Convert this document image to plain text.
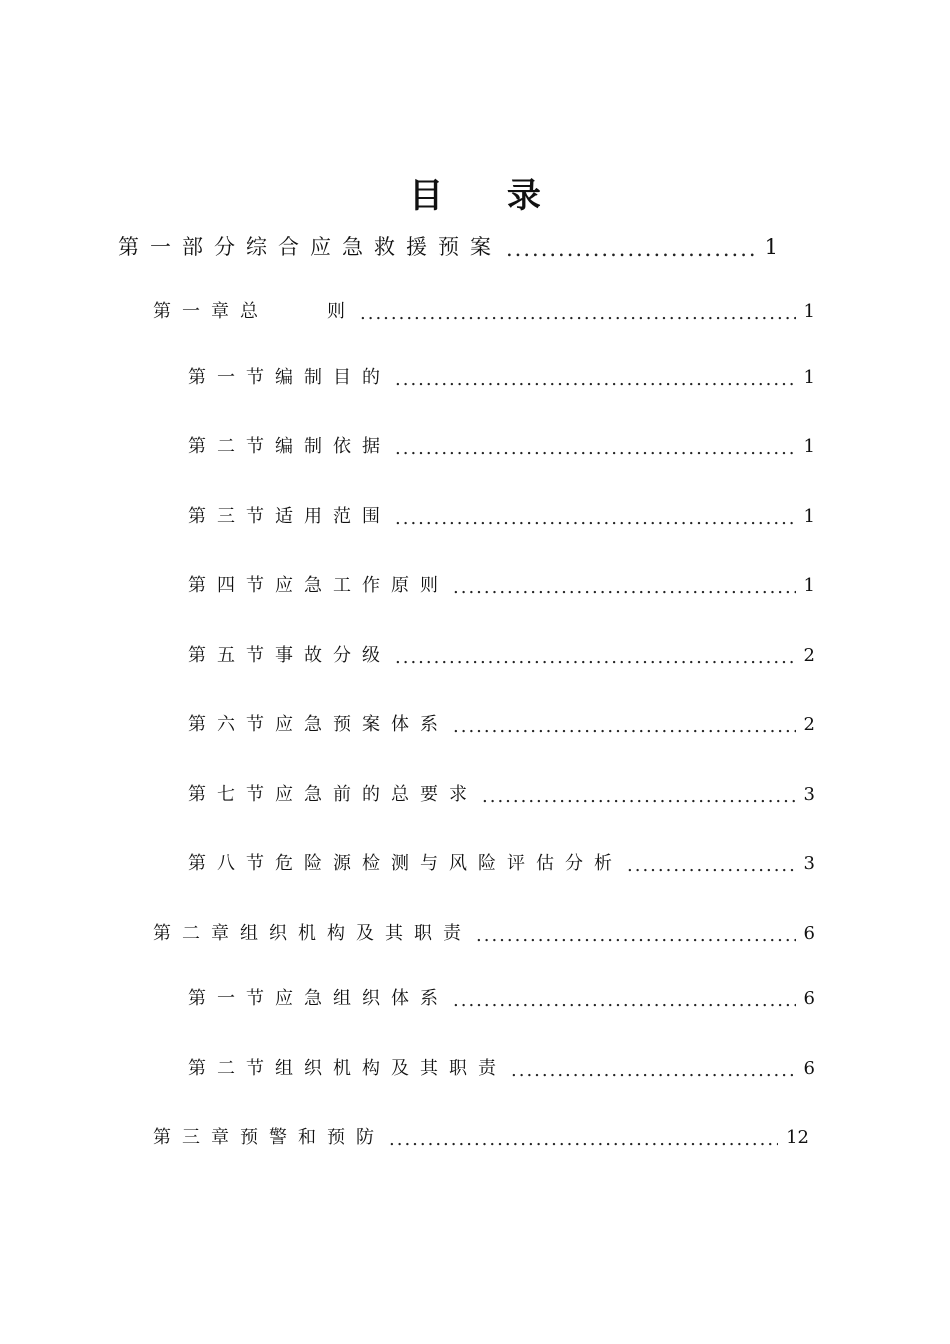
目 录
第一部分 综合应急救援预案 .....	1
第一章 总　　则 .....	1
第一节 编制目的 .....	1
第二节 编制依据 .....	1
第三节 适用范围 .....	1
第四节 应急工作原则 .....	1
第五节 事故分级 .....	2
第六节 应急预案体系 .....	2
第七节 应急前的总要求 .....	3
第八节 危险源检测与风险评估分析 .....	3
第二章 组织机构及其职责 .....	6
第一节 应急组织体系 .....	6
第二节 组织机构及其职责 .....	6
第三章 预警和预防 .....	12
